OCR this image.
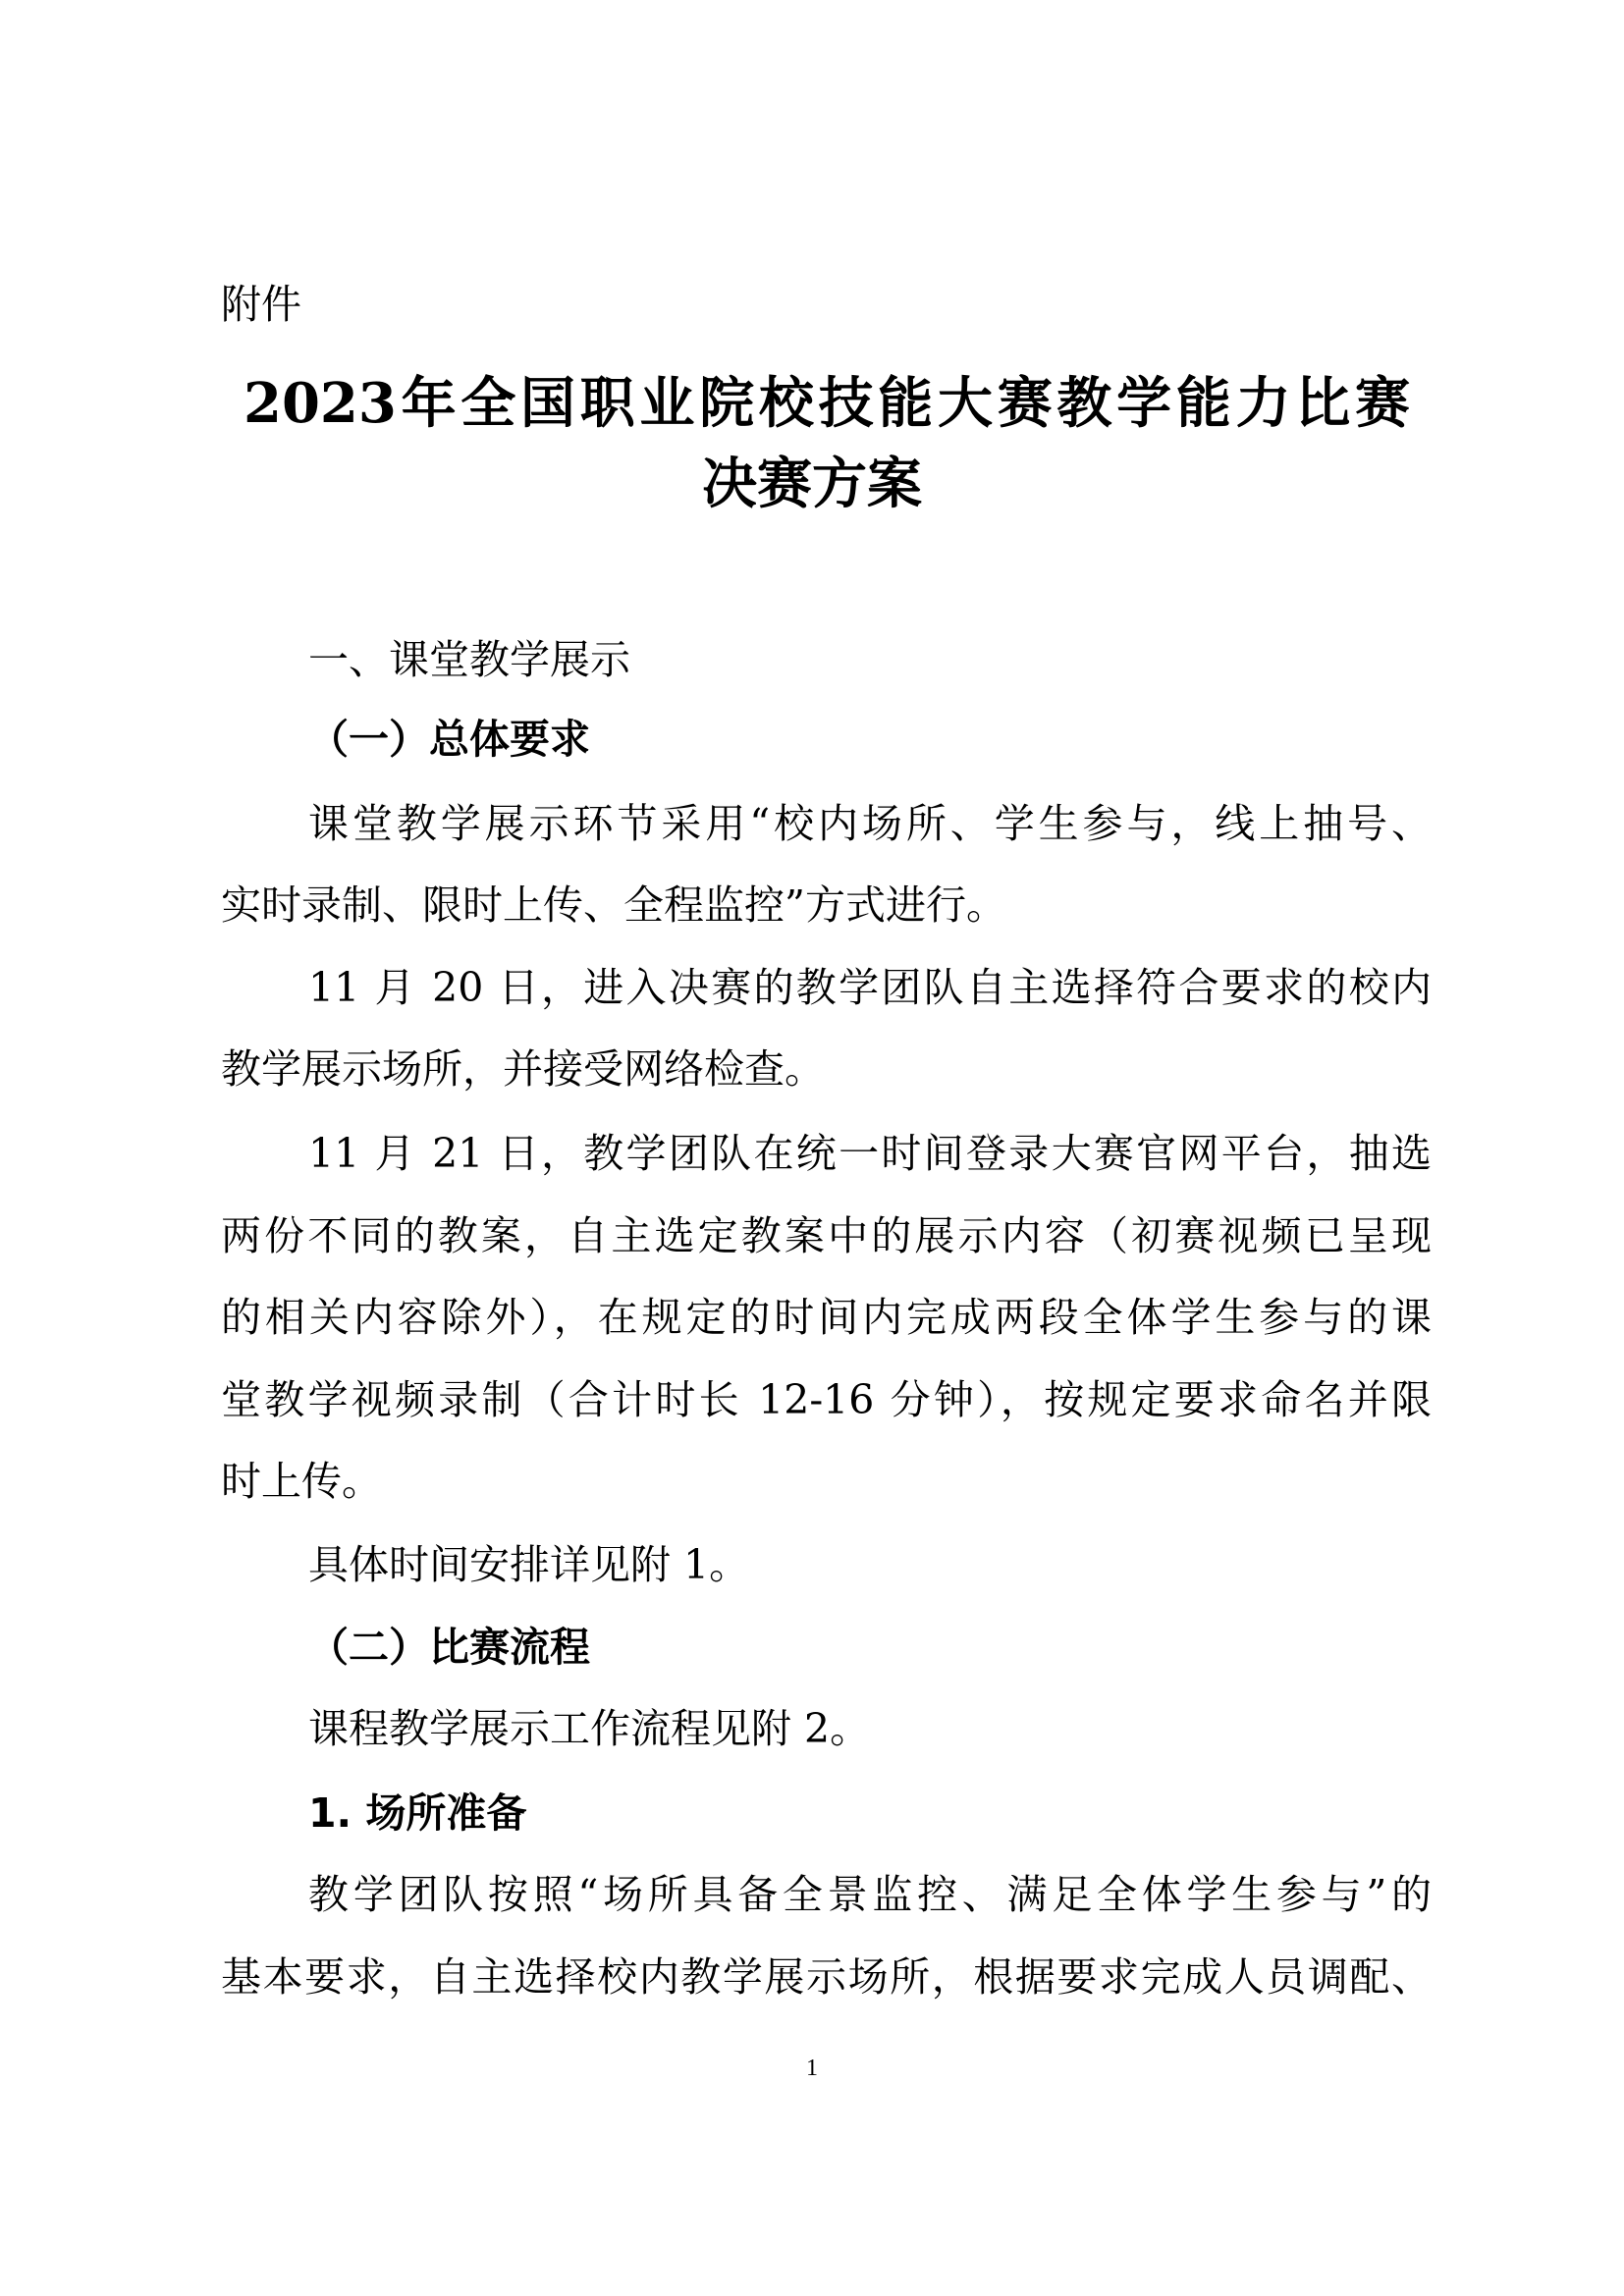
附件
2023年全国职业院校技能大赛教学能力比赛
决赛方案
一、课堂教学展示
（一）总体要求
课堂教学展示环节采用“校内场所、学生参与，线上抽号、
实时录制、限时上传、全程监控”方式进行。
11 月 20 日，进入决赛的教学团队自主选择符合要求的校内
教学展示场所，并接受网络检查。
11 月 21 日，教学团队在统一时间登录大赛官网平台，抽选
两份不同的教案，自主选定教案中的展示内容（初赛视频已呈现
的相关内容除外），在规定的时间内完成两段全体学生参与的课
堂教学视频录制（合计时长 12-16 分钟），按规定要求命名并限
时上传。
具体时间安排详见附 1。
（二）比赛流程
课程教学展示工作流程见附 2。
1. 场所准备
教学团队按照“场所具备全景监控、满足全体学生参与”的
基本要求，自主选择校内教学展示场所，根据要求完成人员调配、
1
